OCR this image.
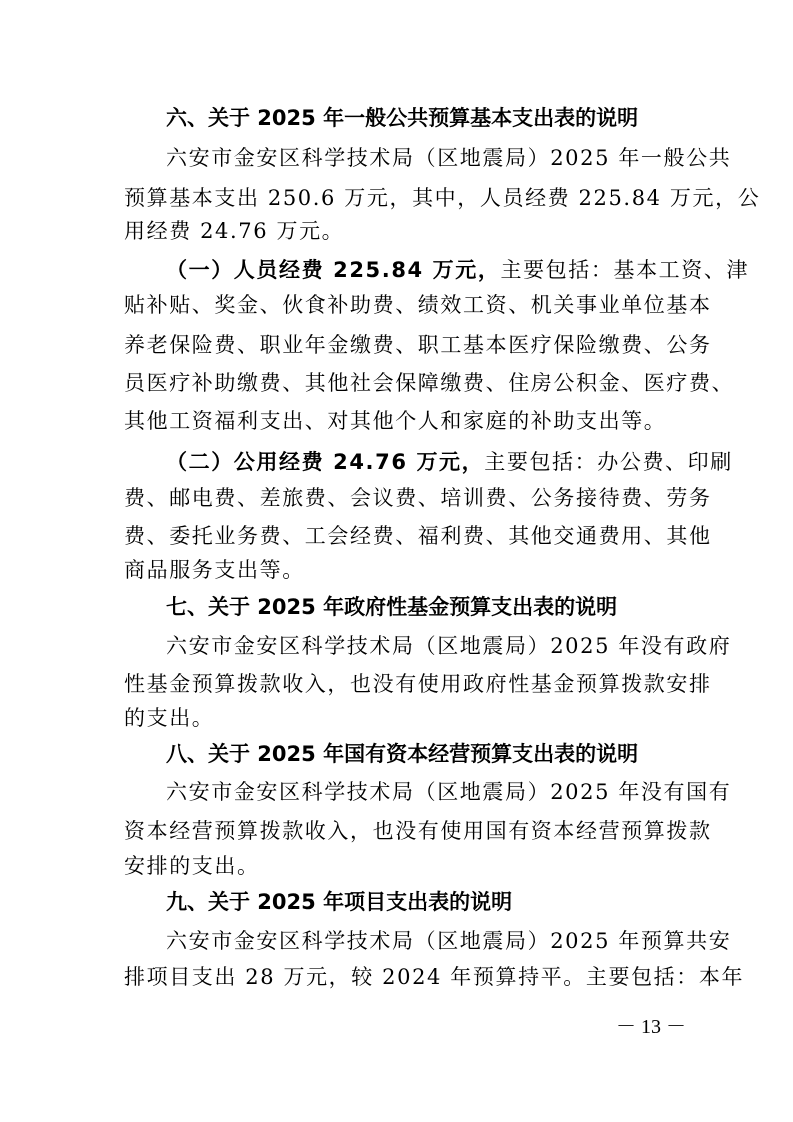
六、关于 2025 年一般公共预算基本支出表的说明
六安市金安区科学技术局（区地震局）2025 年一般公共
预算基本支出 250.6 万元，其中，人员经费 225.84 万元，公
用经费 24.76 万元。
（一）人员经费 225.84 万元，主要包括：基本工资、津
贴补贴、奖金、伙食补助费、绩效工资、机关事业单位基本
养老保险费、职业年金缴费、职工基本医疗保险缴费、公务
员医疗补助缴费、其他社会保障缴费、住房公积金、医疗费、
其他工资福利支出、对其他个人和家庭的补助支出等。
（二）公用经费 24.76 万元，主要包括：办公费、印刷
费、邮电费、差旅费、会议费、培训费、公务接待费、劳务
费、委托业务费、工会经费、福利费、其他交通费用、其他
商品服务支出等。
七、关于 2025 年政府性基金预算支出表的说明
六安市金安区科学技术局（区地震局）2025 年没有政府
性基金预算拨款收入，也没有使用政府性基金预算拨款安排
的支出。
八、关于 2025 年国有资本经营预算支出表的说明
六安市金安区科学技术局（区地震局）2025 年没有国有
资本经营预算拨款收入，也没有使用国有资本经营预算拨款
安排的支出。
九、关于 2025 年项目支出表的说明
六安市金安区科学技术局（区地震局）2025 年预算共安
排项目支出 28 万元，较 2024 年预算持平。主要包括：本年
－ 13 －
